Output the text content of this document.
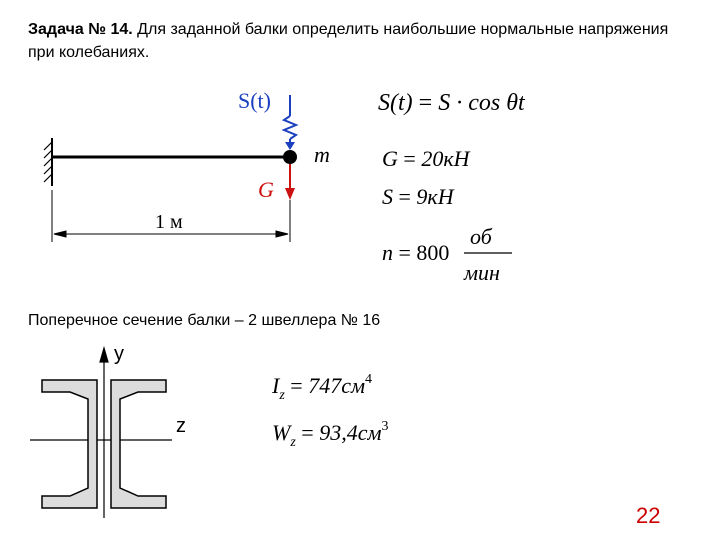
Задача № 14. Для заданной балки определить наибольшие нормальные напряжения при колебаниях.
S(t)
m
G
1 м
S(t) = S · cos θt
G = 20кН
S = 9кН
n = 800
об
мин
y
z
$I_z = 747см^4$
$W_z = 93,4см^3$
Поперечное сечение балки – 2 швеллера № 16
22
